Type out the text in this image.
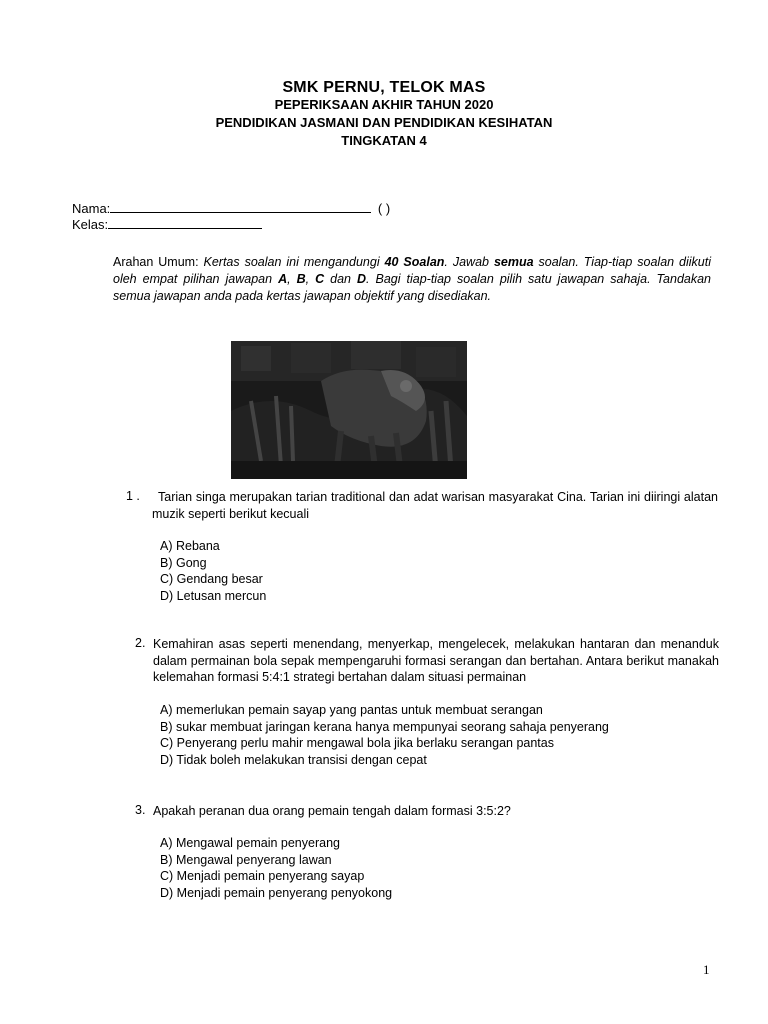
SMK PERNU, TELOK MAS
PEPERIKSAAN AKHIR TAHUN 2020
PENDIDIKAN JASMANI DAN PENDIDIKAN KESIHATAN
TINGKATAN 4
Nama:	( )
Kelas:
Arahan Umum: Kertas soalan ini mengandungi 40 Soalan. Jawab semua soalan. Tiap-tiap soalan diikuti oleh empat pilihan jawapan A, B, C dan D. Bagi tiap-tiap soalan pilih satu jawapan sahaja. Tandakan semua jawapan anda pada kertas jawapan objektif yang disediakan.
1 .	Tarian singa merupakan tarian traditional dan adat warisan masyarakat Cina. Tarian ini diiringi alatan muzik seperti berikut kecuali
A) Rebana
B) Gong
C) Gendang besar
D) Letusan mercun
2. Kemahiran asas seperti menendang, menyerkap, mengelecek, melakukan hantaran dan menanduk dalam permainan bola sepak mempengaruhi formasi serangan dan bertahan. Antara berikut manakah kelemahan formasi 5:4:1 strategi bertahan dalam situasi permainan
A) memerlukan pemain sayap yang pantas untuk membuat serangan
B) sukar membuat jaringan kerana hanya mempunyai seorang sahaja penyerang
C) Penyerang perlu mahir mengawal bola jika berlaku serangan pantas
D) Tidak boleh melakukan transisi dengan cepat
3. Apakah peranan dua orang pemain tengah dalam formasi 3:5:2?
A) Mengawal pemain penyerang
B) Mengawal penyerang lawan
C) Menjadi pemain penyerang sayap
D) Menjadi pemain penyerang penyokong
1
